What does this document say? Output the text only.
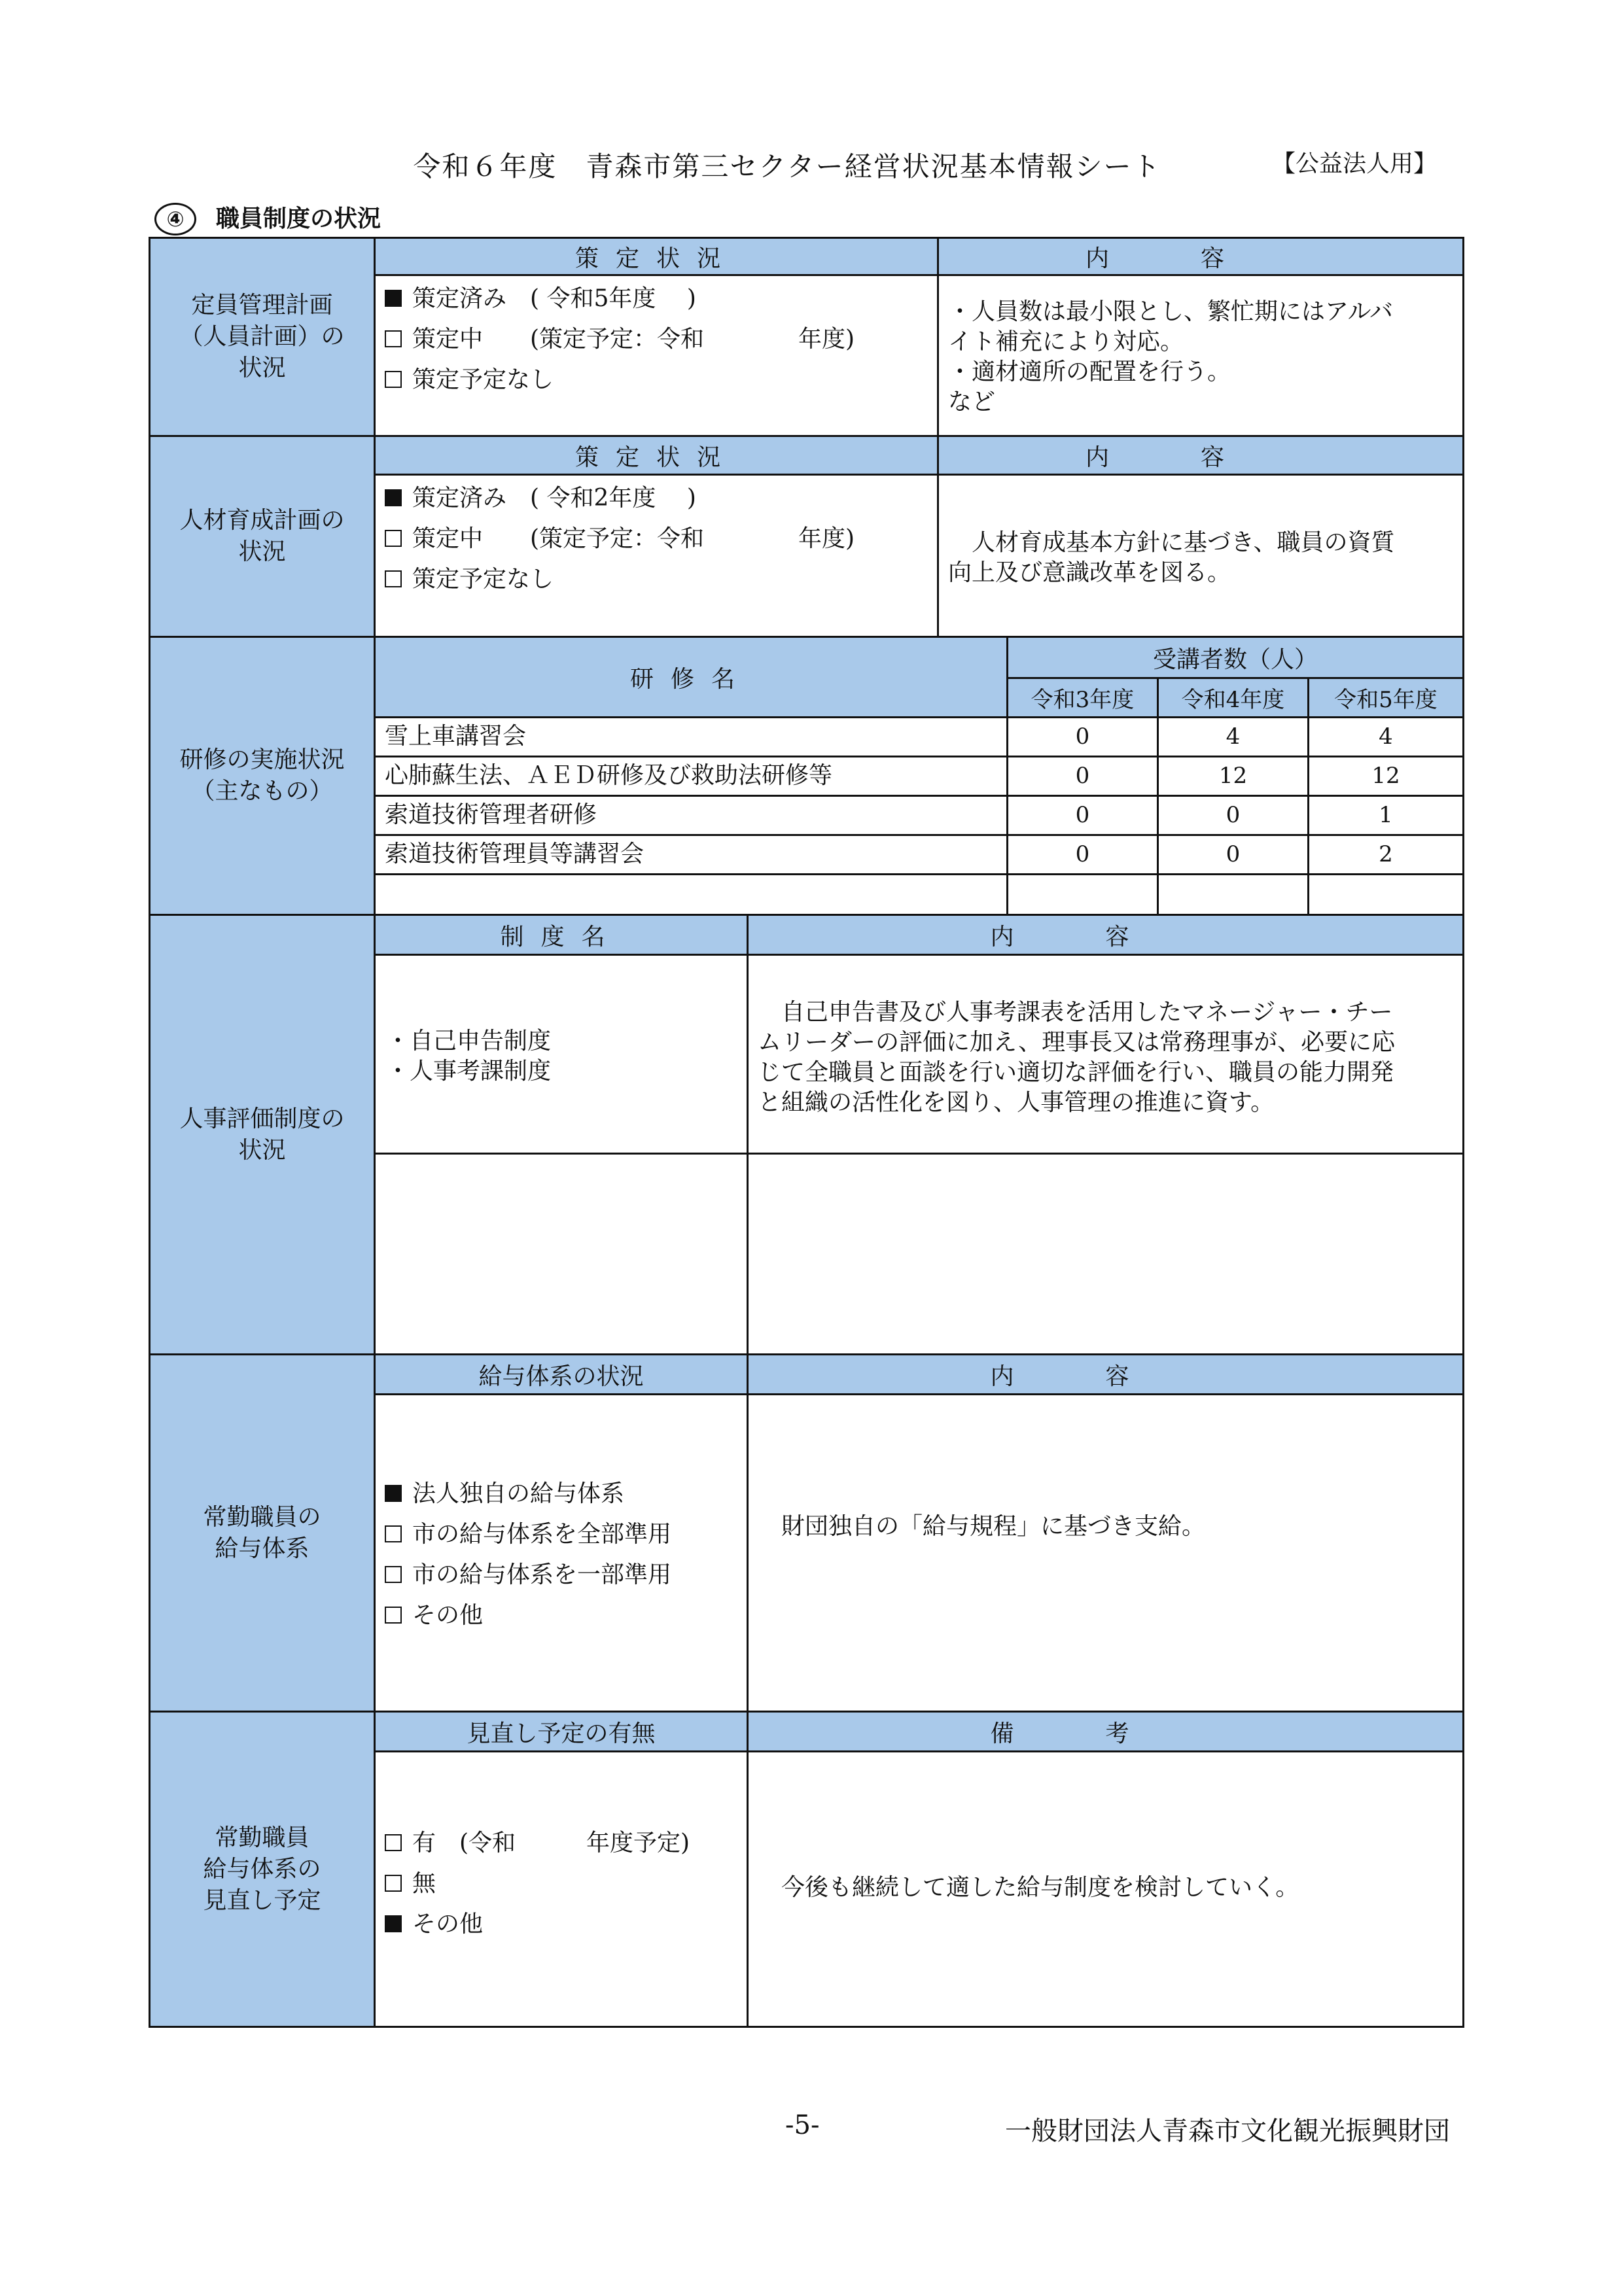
令和６年度　青森市第三セクター経営状況基本情報シート	【公益法人用】
④ 職員制度の状況
定員管理計画
（人員計画）の
状況
策定状況	内容
策定済み　( 令和5年度　 )
策定中　　(策定予定：令和　　　　年度)
策定予定なし
・人員数は最小限とし、繁忙期にはアルバ
イト補充により対応。
・適材適所の配置を行う。
など
人材育成計画の
状況
策定状況	内容
策定済み　( 令和2年度　 )
策定中　　(策定予定：令和　　　　年度)
策定予定なし
人材育成基本方針に基づき、職員の資質
向上及び意識改革を図る。
研修の実施状況
（主なもの）
研修名
受講者数（人）
令和3年度	令和4年度	令和5年度
雪上車講習会	0	4	4
心肺蘇生法、ＡＥＤ研修及び救助法研修等	0	12	12
索道技術管理者研修	0	0	1
索道技術管理員等講習会	0	0	2
人事評価制度の
状況
制度名	内容
・自己申告制度
・人事考課制度
自己申告書及び人事考課表を活用したマネージャー・チー
ムリーダーの評価に加え、理事長又は常務理事が、必要に応
じて全職員と面談を行い適切な評価を行い、職員の能力開発
と組織の活性化を図り、人事管理の推進に資す。
常勤職員の
給与体系
給与体系の状況	内容
法人独自の給与体系
市の給与体系を全部準用
市の給与体系を一部準用
その他
財団独自の「給与規程」に基づき支給。
常勤職員
給与体系の
見直し予定
見直し予定の有無	備考
有　(令和　　　年度予定)
無
その他
今後も継続して適した給与制度を検討していく。
-5-	一般財団法人青森市文化観光振興財団
